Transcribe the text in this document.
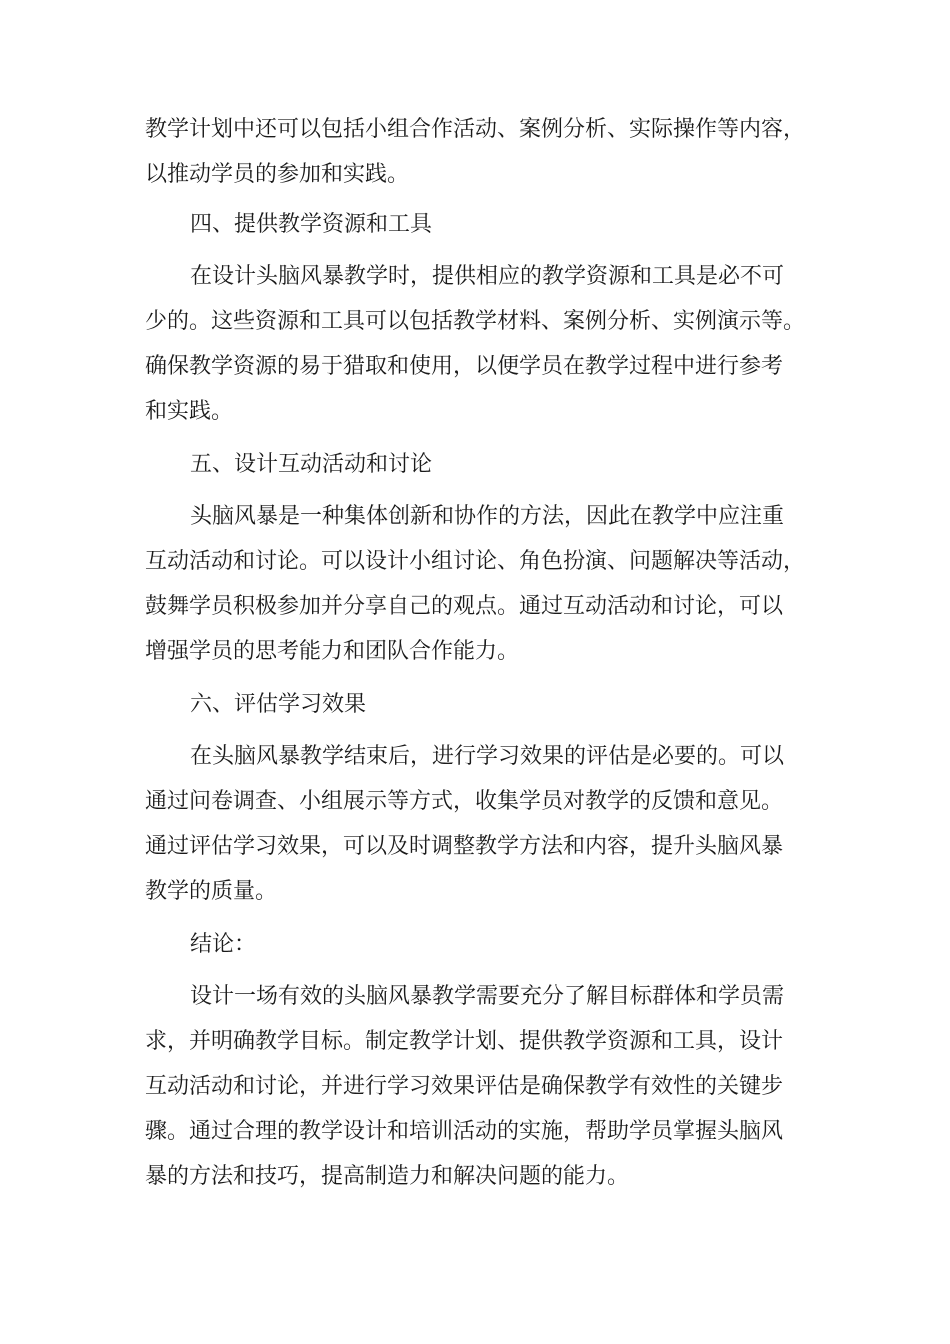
教学计划中还可以包括小组合作活动、案例分析、实际操作等内容，
以推动学员的参加和实践。
四、提供教学资源和工具
在设计头脑风暴教学时，提供相应的教学资源和工具是必不可
少的。这些资源和工具可以包括教学材料、案例分析、实例演示等。
确保教学资源的易于猎取和使用，以便学员在教学过程中进行参考
和实践。
五、设计互动活动和讨论
头脑风暴是一种集体创新和协作的方法，因此在教学中应注重
互动活动和讨论。可以设计小组讨论、角色扮演、问题解决等活动，
鼓舞学员积极参加并分享自己的观点。通过互动活动和讨论，可以
增强学员的思考能力和团队合作能力。
六、评估学习效果
在头脑风暴教学结束后，进行学习效果的评估是必要的。可以
通过问卷调查、小组展示等方式，收集学员对教学的反馈和意见。
通过评估学习效果，可以及时调整教学方法和内容，提升头脑风暴
教学的质量。
结论：
设计一场有效的头脑风暴教学需要充分了解目标群体和学员需
求，并明确教学目标。制定教学计划、提供教学资源和工具，设计
互动活动和讨论，并进行学习效果评估是确保教学有效性的关键步
骤。通过合理的教学设计和培训活动的实施，帮助学员掌握头脑风
暴的方法和技巧，提高制造力和解决问题的能力。
